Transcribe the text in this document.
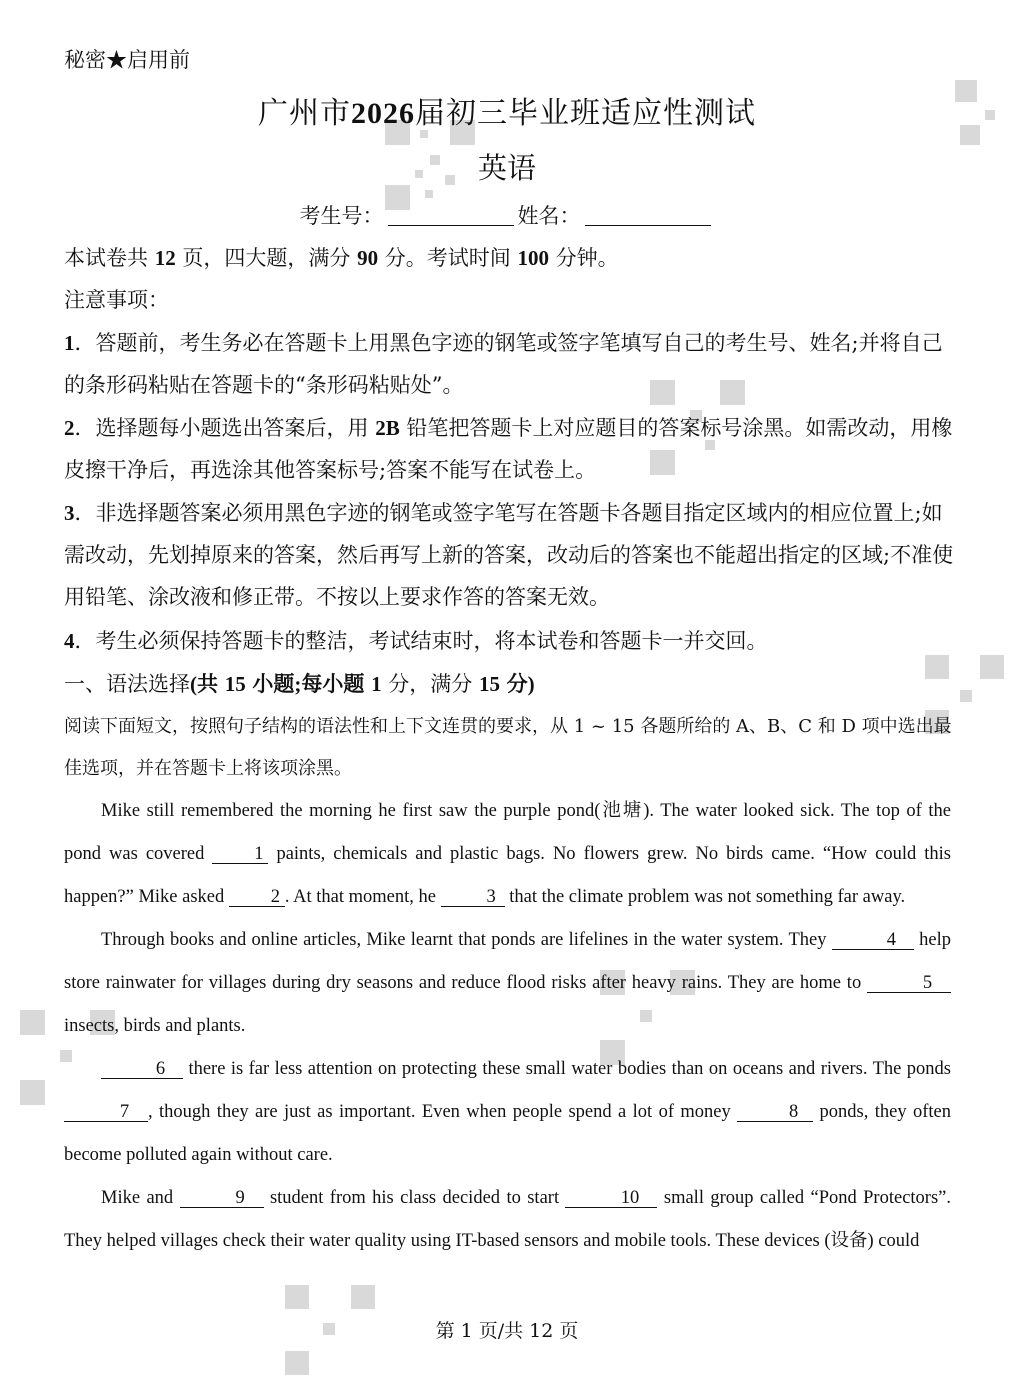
秘密★启用前
广州市2026届初三毕业班适应性测试
英语
考生号：	姓名：
本试卷共 12 页，四大题，满分 90 分。考试时间 100 分钟。
注意事项：
1．答题前，考生务必在答题卡上用黑色字迹的钢笔或签字笔填写自己的考生号、姓名;并将自己的条形码粘贴在答题卡的“条形码粘贴处”。
2．选择题每小题选出答案后，用 2B 铅笔把答题卡上对应题目的答案标号涂黑。如需改动，用橡皮擦干净后，再选涂其他答案标号;答案不能写在试卷上。
3．非选择题答案必须用黑色字迹的钢笔或签字笔写在答题卡各题目指定区域内的相应位置上;如需改动，先划掉原来的答案，然后再写上新的答案，改动后的答案也不能超出指定的区域;不准使用铅笔、涂改液和修正带。不按以上要求作答的答案无效。
4．考生必须保持答题卡的整洁，考试结束时，将本试卷和答题卡一并交回。
一、语法选择(共 15 小题;每小题 1 分，满分 15 分)
阅读下面短文，按照句子结构的语法性和上下文连贯的要求，从 1 ~ 15 各题所给的 A、B、C 和 D 项中选出最佳选项，并在答题卡上将该项涂黑。

Mike still remembered the morning he first saw the purple pond(池塘). The water looked sick. The top of the pond was covered 1 paints, chemicals and plastic bags. No flowers grew. No birds came. “How could this happen?” Mike asked 2 . At that moment, he 3 that the climate problem was not something far away.

Through books and online articles, Mike learnt that ponds are lifelines in the water system. They	4 help store rainwater for villages during dry seasons and reduce flood risks after heavy rains. They are home to	5 insects, birds and plants.

6 there is far less attention on protecting these small water bodies than on oceans and rivers. The ponds 7 , though they are just as important. Even when people spend a lot of money	8 ponds, they often become polluted again without care.

Mike and	9 student from his class decided to start	10 small group called “Pond Protectors”. They helped villages check their water quality using IT-based sensors and mobile tools. These devices (设备) could

第 1 页/共 12 页
